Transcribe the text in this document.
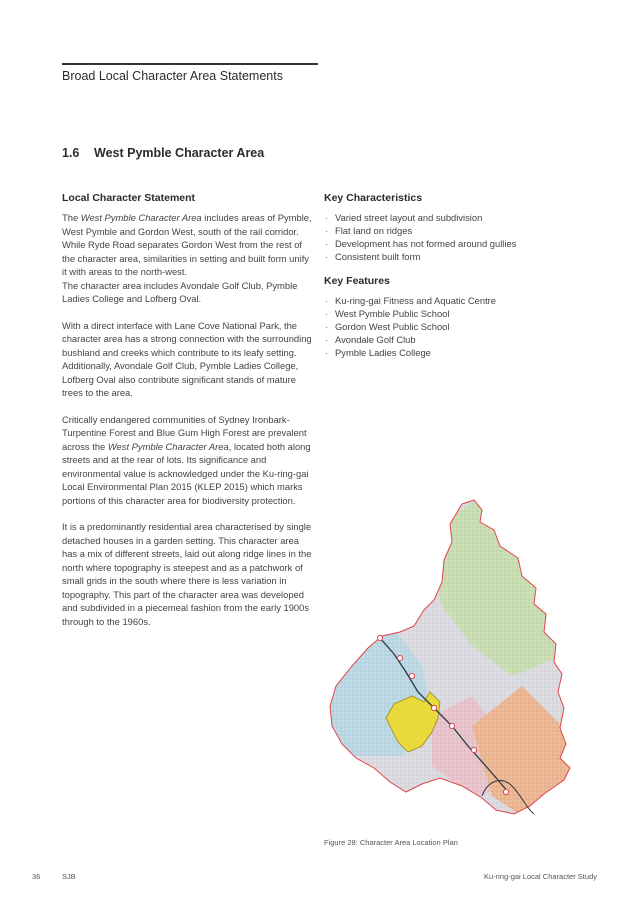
Broad Local Character Area Statements
1.6 West Pymble Character Area
Local Character Statement

The West Pymble Character Area includes areas of Pymble, West Pymble and Gordon West, south of the rail corridor. While Ryde Road separates Gordon West from the rest of the character area, similarities in setting and built form unify it with areas to the north-west.
The character area includes Avondale Golf Club, Pymble Ladies College and Lofberg Oval.

With a direct interface with Lane Cove National Park, the character area has a strong connection with the surrounding bushland and creeks which contribute to its leafy setting. Additionally, Avondale Golf Club, Pymble Ladies College, Lofberg Oval also contribute significant stands of mature trees to the area.

Critically endangered communities of Sydney Ironbark-Turpentine Forest and Blue Gum High Forest are prevalent across the West Pymble Character Area, located both along streets and at the rear of lots. Its significance and environmental value is acknowledged under the Ku-ring-gai Local Environmental Plan 2015 (KLEP 2015) which marks portions of this character area for biodiversity protection.

It is a predominantly residential area characterised by single detached houses in a garden setting. This character area has a mix of different streets, laid out along ridge lines in the north where topography is steepest and as a patchwork of small grids in the south where there is less variation in topography. This part of the character area was developed and subdivided in a piecemeal fashion from the early 1900s through to the 1960s.

Key Characteristics
· Varied street layout and subdivision
· Flat land on ridges
· Development has not formed around gullies
· Consistent built form
Key Features
· Ku-ring-gai Fitness and Aquatic Centre
· West Pymble Public School
· Gordon West Public School
· Avondale Golf Club
· Pymble Ladies College
Figure 28: Character Area Location Plan
36	SJB	Ku-ring-gai Local Character Study
